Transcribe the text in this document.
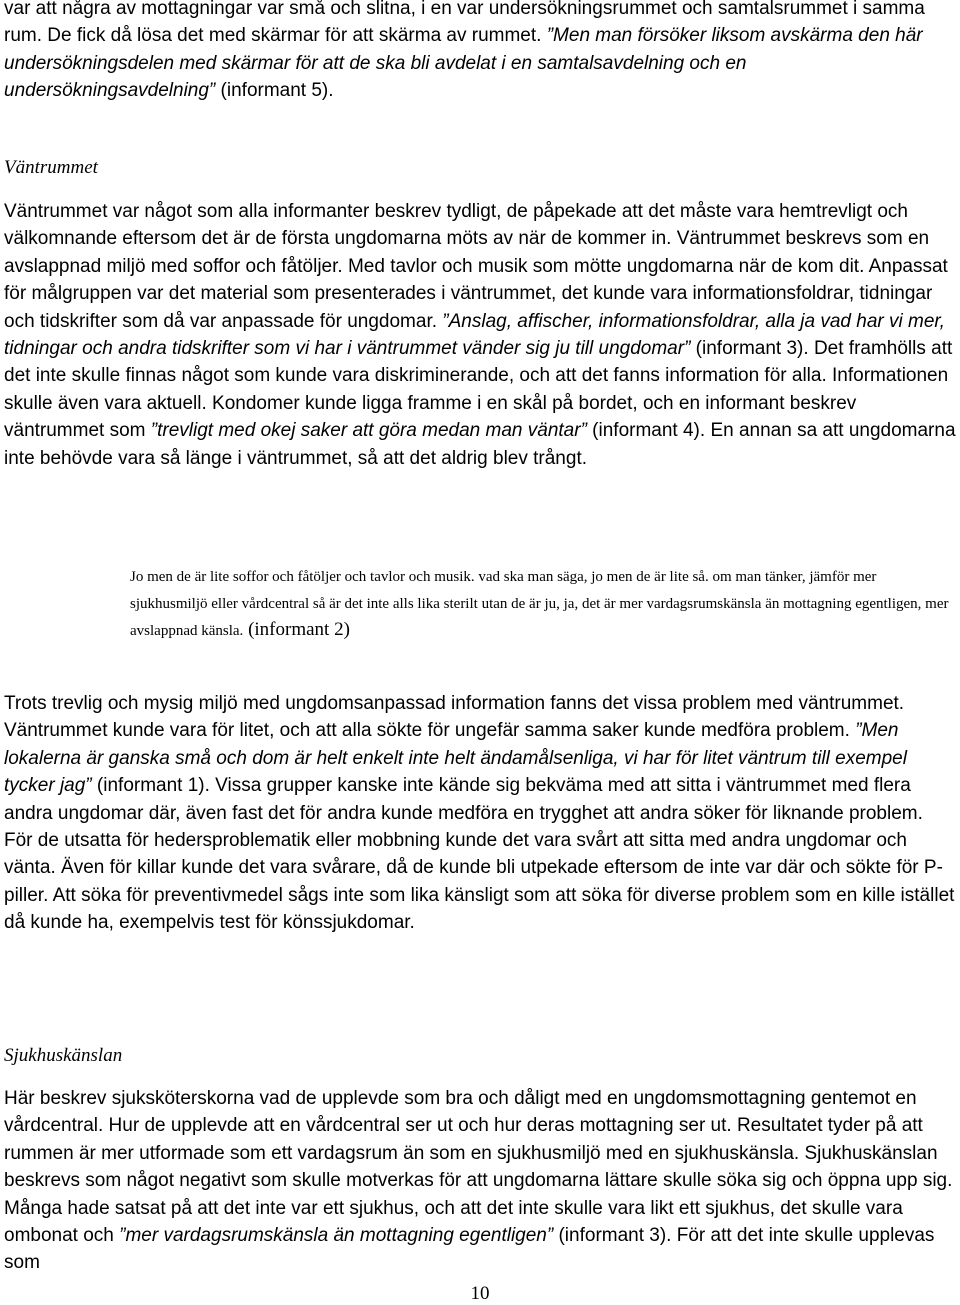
var att några av mottagningar var små och slitna, i en var undersökningsrummet och samtalsrummet i samma rum. De fick då lösa det med skärmar för att skärma av rummet. ”Men man försöker liksom avskärma den här undersökningsdelen med skärmar för att de ska bli avdelat i en samtalsavdelning och en undersökningsavdelning” (informant 5).

Väntrummet

Väntrummet var något som alla informanter beskrev tydligt, de påpekade att det måste vara hemtrevligt och välkomnande eftersom det är de första ungdomarna möts av när de kommer in. Väntrummet beskrevs som en avslappnad miljö med soffor och fåtöljer. Med tavlor och musik som mötte ungdomarna när de kom dit. Anpassat för målgruppen var det material som presenterades i väntrummet, det kunde vara informationsfoldrar, tidningar och tidskrifter som då var anpassade för ungdomar. ”Anslag, affischer, informationsfoldrar, alla ja vad har vi mer, tidningar och andra tidskrifter som vi har i väntrummet vänder sig ju till ungdomar” (informant 3). Det framhölls att det inte skulle finnas något som kunde vara diskriminerande, och att det fanns information för alla. Informationen skulle även vara aktuell. Kondomer kunde ligga framme i en skål på bordet, och en informant beskrev väntrummet som ”trevligt med okej saker att göra medan man väntar” (informant 4). En annan sa att ungdomarna inte behövde vara så länge i väntrummet, så att det aldrig blev trångt.

Jo men de är lite soffor och fåtöljer och tavlor och musik. vad ska man säga, jo men de är lite så. om man tänker, jämför mer sjukhusmiljö eller vårdcentral så är det inte alls lika sterilt utan de är ju, ja, det är mer vardagsrumskänsla än mottagning egentligen, mer avslappnad känsla. (informant 2)

Trots trevlig och mysig miljö med ungdomsanpassad information fanns det vissa problem med väntrummet. Väntrummet kunde vara för litet, och att alla sökte för ungefär samma saker kunde medföra problem. ”Men lokalerna är ganska små och dom är helt enkelt inte helt ändamålsenliga, vi har för litet väntrum till exempel tycker jag” (informant 1). Vissa grupper kanske inte kände sig bekväma med att sitta i väntrummet med flera andra ungdomar där, även fast det för andra kunde medföra en trygghet att andra söker för liknande problem. För de utsatta för hedersproblematik eller mobbning kunde det vara svårt att sitta med andra ungdomar och vänta. Även för killar kunde det vara svårare, då de kunde bli utpekade eftersom de inte var där och sökte för P-piller. Att söka för preventivmedel sågs inte som lika känsligt som att söka för diverse problem som en kille istället då kunde ha, exempelvis test för könssjukdomar.

Sjukhuskänslan

Här beskrev sjuksköterskorna vad de upplevde som bra och dåligt med en ungdomsmottagning gentemot en vårdcentral. Hur de upplevde att en vårdcentral ser ut och hur deras mottagning ser ut. Resultatet tyder på att rummen är mer utformade som ett vardagsrum än som en sjukhusmiljö med en sjukhuskänsla. Sjukhuskänslan beskrevs som något negativt som skulle motverkas för att ungdomarna lättare skulle söka sig och öppna upp sig. Många hade satsat på att det inte var ett sjukhus, och att det inte skulle vara likt ett sjukhus, det skulle vara ombonat och ”mer vardagsrumskänsla än mottagning egentligen” (informant 3). För att det inte skulle upplevas som

10
